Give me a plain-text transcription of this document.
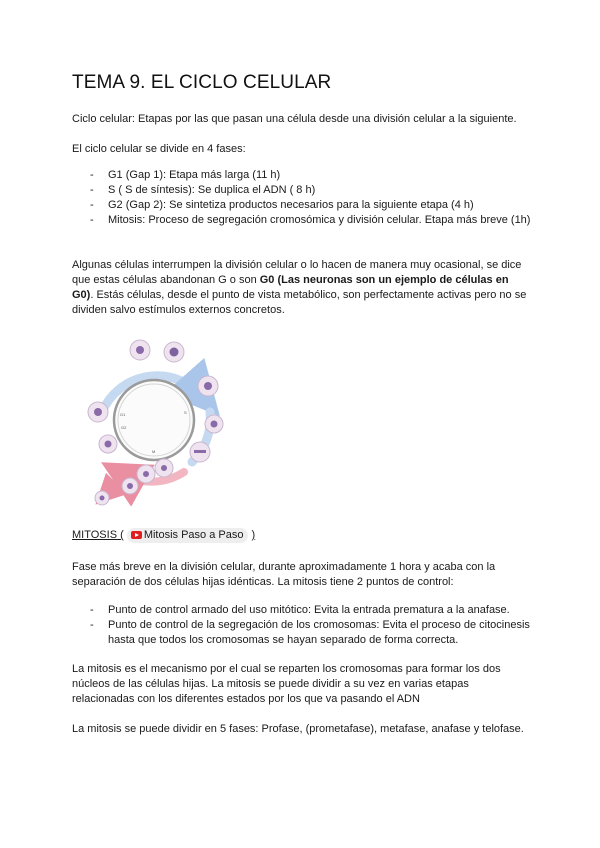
TEMA 9. EL CICLO CELULAR

Ciclo celular: Etapas por las que pasan una célula desde una división celular a la siguiente.

El ciclo celular se divide en 4 fases:

- G1 (Gap 1): Etapa más larga (11 h)
- S ( S de síntesis): Se duplica el ADN ( 8 h)
- G2 (Gap 2): Se sintetiza productos necesarios para la siguiente etapa (4 h)
- Mitosis: Proceso de segregación cromosómica y división celular. Etapa más breve (1h)

Algunas células interrumpen la división celular o lo hacen de manera muy ocasional, se dice que estas células abandonan G o son G0 (Las neuronas son un ejemplo de células en G0). Estás células, desde el punto de vista metabólico, son perfectamente activas pero no se dividen salvo estímulos externos concretos.

G1	S
G2
M
MITOSIS ( Mitosis Paso a Paso )

Fase más breve en la división celular, durante aproximadamente 1 hora y acaba con la separación de dos células hijas idénticas. La mitosis tiene 2 puntos de control:

- Punto de control armado del uso mitótico: Evita la entrada prematura a la anafase.
- Punto de control de la segregación de los cromosomas: Evita el proceso de citocinesis hasta que todos los cromosomas se hayan separado de forma correcta.

La mitosis es el mecanismo por el cual se reparten los cromosomas para formar los dos núcleos de las células hijas. La mitosis se puede dividir a su vez en varias etapas relacionadas con los diferentes estados por los que va pasando el ADN

La mitosis se puede dividir en 5 fases: Profase, (prometafase), metafase, anafase y telofase.
